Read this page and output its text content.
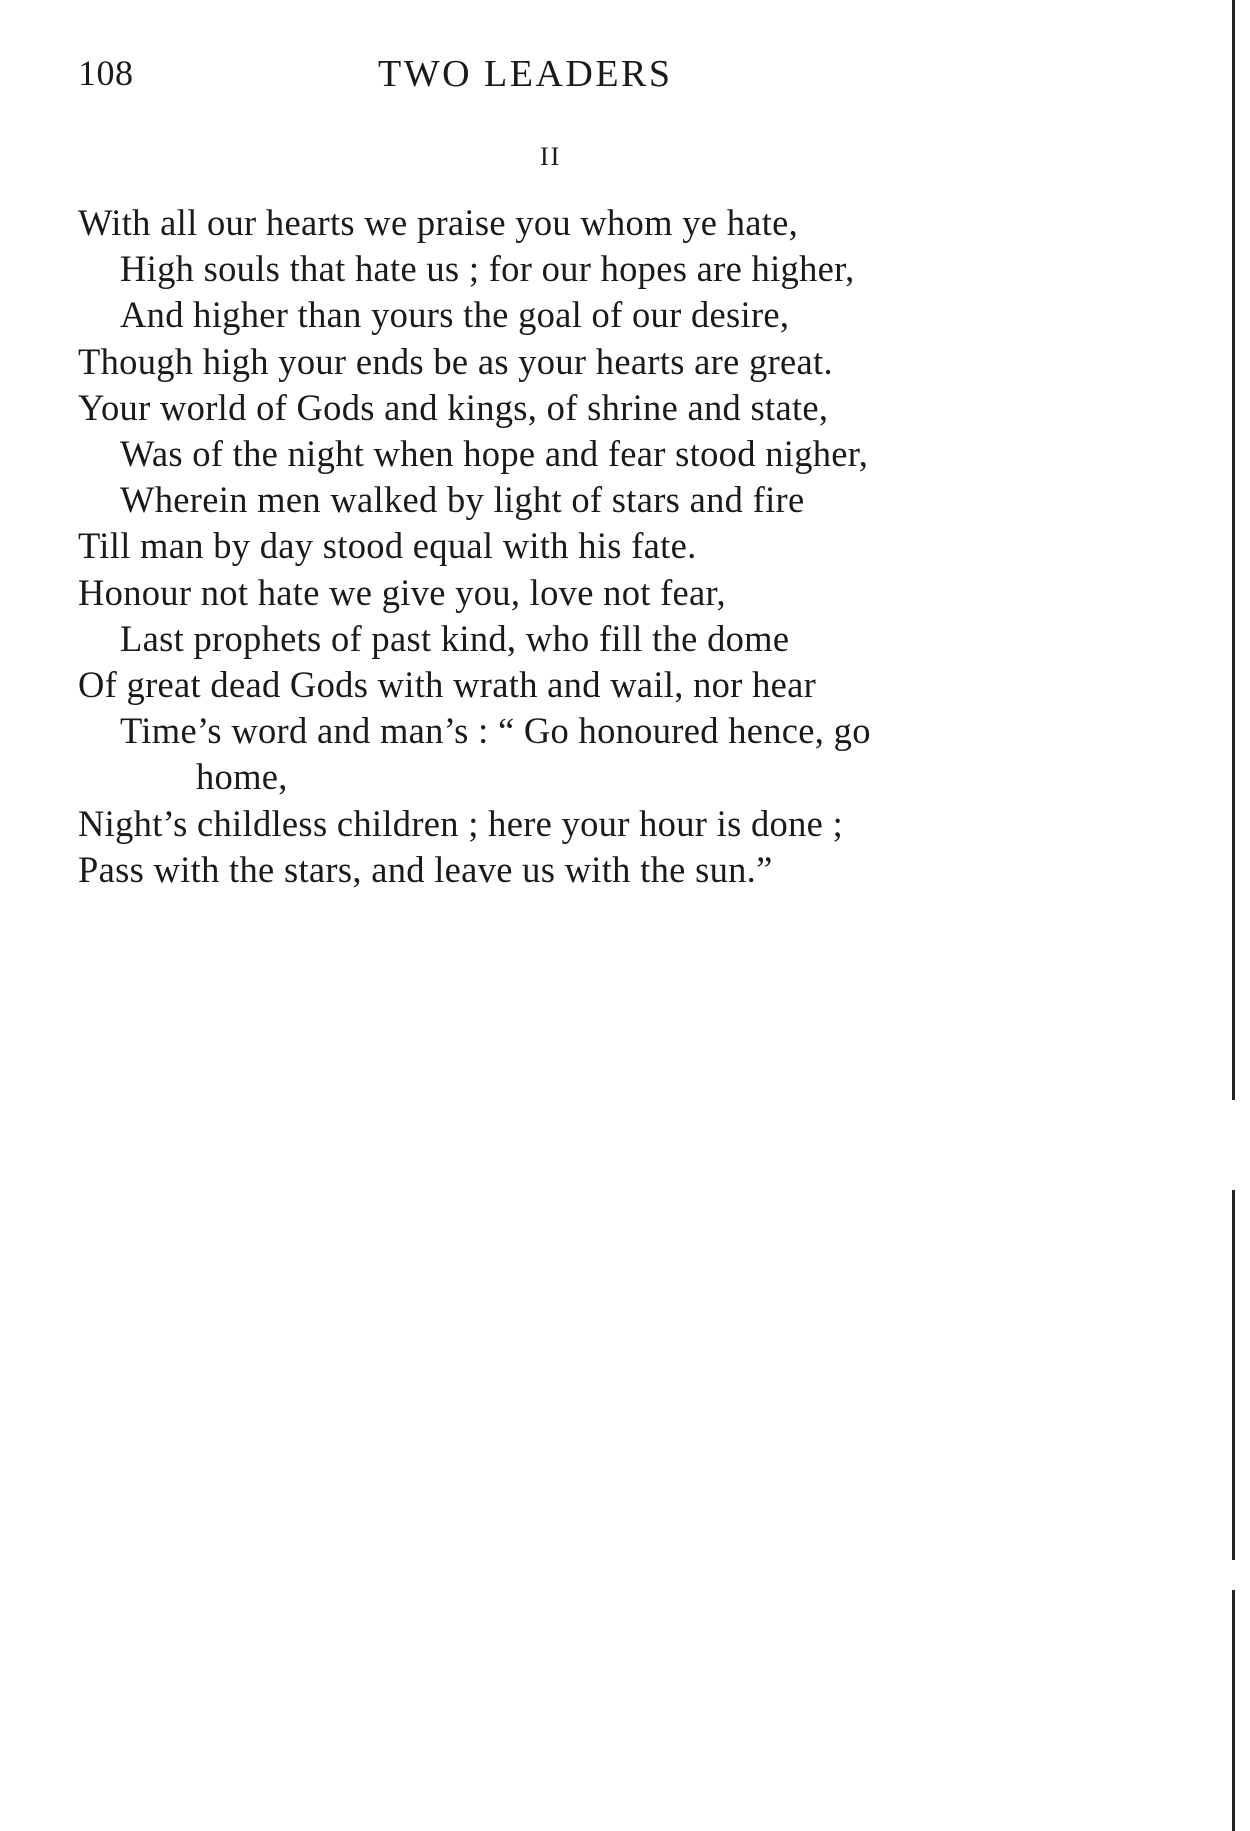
108	TWO LEADERS
II
With all our hearts we praise you whom ye hate,
High souls that hate us ; for our hopes are higher,
And higher than yours the goal of our desire,
Though high your ends be as your hearts are great.
Your world of Gods and kings, of shrine and state,
Was of the night when hope and fear stood nigher,
Wherein men walked by light of stars and fire
Till man by day stood equal with his fate.
Honour not hate we give you, love not fear,
Last prophets of past kind, who fill the dome
Of great dead Gods with wrath and wail, nor hear
Time’s word and man’s : “ Go honoured hence, go
home,
Night’s childless children ; here your hour is done ;
Pass with the stars, and leave us with the sun.”
